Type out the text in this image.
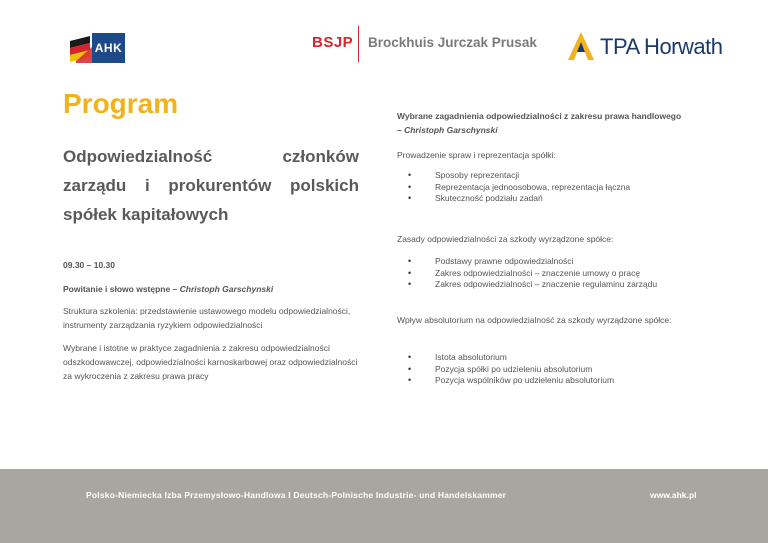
AHK	BSJP Brockhuis Jurczak Prusak	TPA Horwath
Program
Odpowiedzialność członków zarządu i prokurentów polskich spółek kapitałowych
09.30 – 10.30
Powitanie i słowo wstępne – Christoph Garschynski
Struktura szkolenia: przedstawienie ustawowego modelu odpowiedzialności, instrumenty zarządzania ryzykiem odpowiedzialności
Wybrane i istotne w praktyce zagadnienia z zakresu odpowiedzialności odszkodowawczej, odpowiedzialności karnoskarbowej oraz odpowiedzialności za wykroczenia z zakresu prawa pracy
Wybrane zagadnienia odpowiedzialności z zakresu prawa handlowego
– Christoph Garschynski
Prowadzenie spraw i reprezentacja spółki:
• Sposoby reprezentacji
• Reprezentacja jednoosobowa, reprezentacja łączna
• Skuteczność podziału zadań
Zasady odpowiedzialności za szkody wyrządzone spółce:
• Podstawy prawne odpowiedzialności
• Zakres odpowiedzialności – znaczenie umowy o pracę
• Zakres odpowiedzialności – znaczenie regulaminu zarządu
Wpływ absolutorium na odpowiedzialność za szkody wyrządzone spółce:
• Istota absolutorium
• Pozycja spółki po udzieleniu absolutorium
• Pozycja wspólników po udzieleniu absolutorium
Polsko-Niemiecka Izba Przemysłowo-Handlowa I Deutsch-Polnische Industrie- und Handelskammer	www.ahk.pl
